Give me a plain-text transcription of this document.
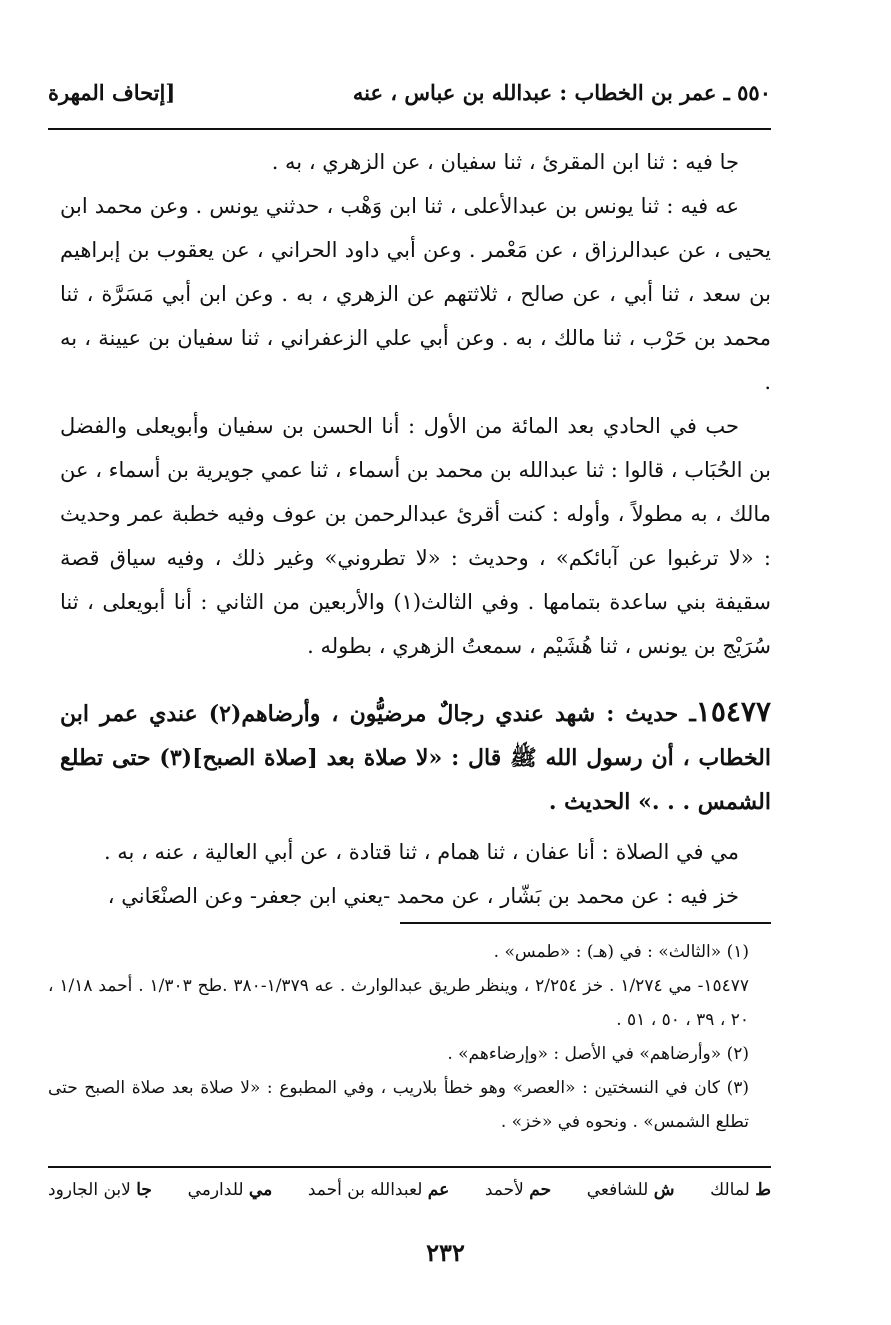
٥٥٠ ـ عمر بن الخطاب : عبدالله بن عباس ، عنه
[إتحاف المهرة

جا فيه : ثنا ابن المقرئ ، ثنا سفيان ، عن الزهري ، به .

عه فيه : ثنا يونس بن عبدالأعلى ، ثنا ابن وَهْب ، حدثني يونس . وعن محمد ابن يحيى ، عن عبدالرزاق ، عن مَعْمر . وعن أبي داود الحراني ، عن يعقوب بن إبراهيم بن سعد ، ثنا أبي ، عن صالح ، ثلاثتهم عن الزهري ، به . وعن ابن أبي مَسَرَّة ، ثنا محمد بن حَرْب ، ثنا مالك ، به . وعن أبي علي الزعفراني ، ثنا سفيان بن عيينة ، به .

حب في الحادي بعد المائة من الأول : أنا الحسن بن سفيان وأبويعلى والفضل بن الحُبَاب ، قالوا : ثنا عبدالله بن محمد بن أسماء ، ثنا عمي جويرية بن أسماء ، عن مالك ، به مطولاً ، وأوله : كنت أقرئ عبدالرحمن بن عوف وفيه خطبة عمر وحديث : «لا ترغبوا عن آبائكم» ، وحديث : «لا تطروني» وغير ذلك ، وفيه سياق قصة سقيفة بني ساعدة بتمامها . وفي الثالث(١) والأربعين من الثاني : أنا أبويعلى ، ثنا سُرَيْج بن يونس ، ثنا هُشَيْم ، سمعتُ الزهري ، بطوله .

١٥٤٧٧ـ حديث : شهد عندي رجالٌ مرضيُّون ، وأرضاهم(٢) عندي عمر ابن الخطاب ، أن رسول الله ﷺ قال : «لا صلاة بعد [صلاة الصبح](٣) حتى تطلع الشمس . . .» الحديث .

مي في الصلاة : أنا عفان ، ثنا همام ، ثنا قتادة ، عن أبي العالية ، عنه ، به .

خز فيه : عن محمد بن بَشّار ، عن محمد -يعني ابن جعفر- وعن الصنْعَاني ،

(١) «الثالث» : في (هـ) : «طمس» .

١٥٤٧٧- مي ١/٢٧٤ . خز ٢/٢٥٤ ، وينظر طريق عبدالوارث . عه ١/٣٧٩-٣٨٠ .طح ١/٣٠٣ . أحمد ١/١٨ ، ٢٠ ، ٣٩ ، ٥٠ ، ٥١ .

(٢) «وأرضاهم» في الأصل : «وإرضاءهم» .

(٣) كان في النسختين : «العصر» وهو خطأ بلاريب ، وفي المطبوع : «لا صلاة بعد صلاة الصبح حتى تطلع الشمس» . ونحوه في «خز» .

ط لمالك
ش للشافعي
حم لأحمد
عم لعبدالله بن أحمد
مي للدارمي
جا لابن الجارود
٢٣٢
